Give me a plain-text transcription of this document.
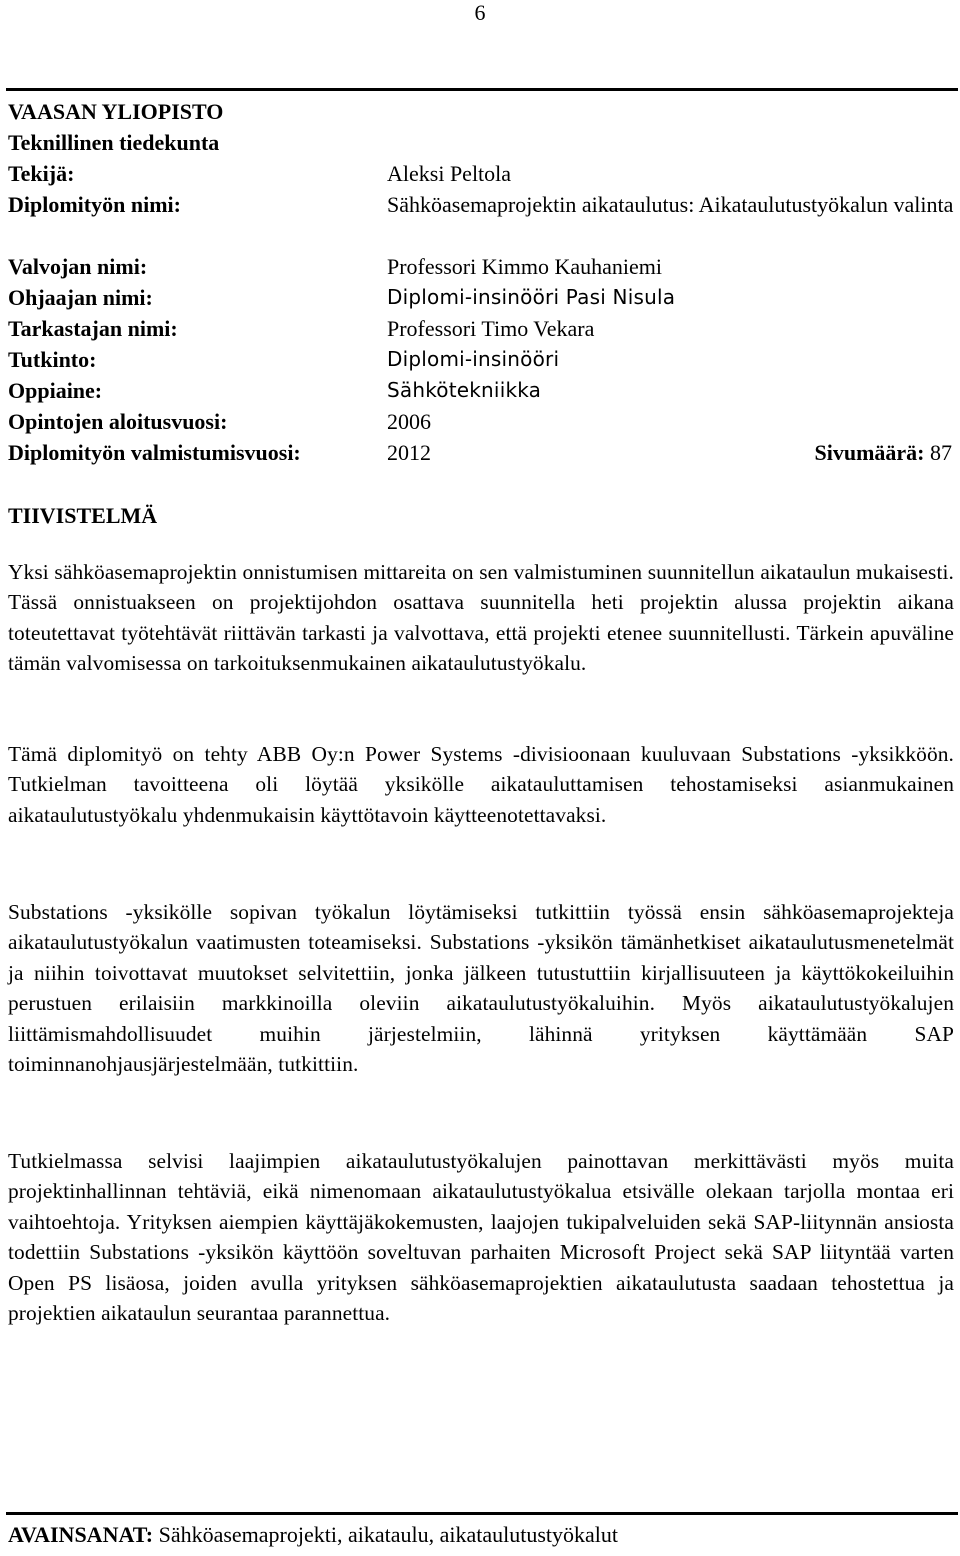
6
VAASAN YLIOPISTO
Teknillinen tiedekunta
Tekijä:	Aleksi Peltola
Diplomityön nimi:	Sähköasemaprojektin aikataulutus: Aikataulutustyökalun valinta
Valvojan nimi:	Professori Kimmo Kauhaniemi
Ohjaajan nimi:	Diplomi-insinööri Pasi Nisula
Tarkastajan nimi:	Professori Timo Vekara
Tutkinto:	Diplomi-insinööri
Oppiaine:	Sähkötekniikka
Opintojen aloitusvuosi:	2006
Diplomityön valmistumisvuosi:	2012	Sivumäärä: 87
TIIVISTELMÄ

Yksi sähköasemaprojektin onnistumisen mittareita on sen valmistuminen suunnitellun aikataulun mukaisesti. Tässä onnistuakseen on projektijohdon osattava suunnitella heti projektin alussa projektin aikana toteutettavat työtehtävät riittävän tarkasti ja valvottava, että projekti etenee suunnitellusti. Tärkein apuväline tämän valvomisessa on tarkoituksenmukainen aikataulutustyökalu.

Tämä diplomityö on tehty ABB Oy:n Power Systems -divisioonaan kuuluvaan Substations -yksikköön. Tutkielman tavoitteena oli löytää yksikölle aikatauluttamisen tehostamiseksi asianmukainen aikataulutustyökalu yhdenmukaisin käyttötavoin käytteenotettavaksi.

Substations -yksikölle sopivan työkalun löytämiseksi tutkittiin työssä ensin sähköasemaprojekteja aikataulutustyökalun vaatimusten toteamiseksi. Substations -yksikön tämänhetkiset aikataulutusmenetelmät ja niihin toivottavat muutokset selvitettiin, jonka jälkeen tutustuttiin kirjallisuuteen ja käyttökokeiluihin perustuen erilaisiin markkinoilla oleviin aikataulutustyökaluihin. Myös aikataulutustyökalujen liittämismahdollisuudet muihin järjestelmiin, lähinnä yrityksen käyttämään SAP toiminnanohjausjärjestelmään, tutkittiin.

Tutkielmassa selvisi laajimpien aikataulutustyökalujen painottavan merkittävästi myös muita projektinhallinnan tehtäviä, eikä nimenomaan aikataulutustyökalua etsivälle olekaan tarjolla montaa eri vaihtoehtoja. Yrityksen aiempien käyttäjäkokemusten, laajojen tukipalveluiden sekä SAP-liitynnän ansiosta todettiin Substations -yksikön käyttöön soveltuvan parhaiten Microsoft Project sekä SAP liityntää varten Open PS lisäosa, joiden avulla yrityksen sähköasemaprojektien aikataulutusta saadaan tehostettua ja projektien aikataulun seurantaa parannettua.

AVAINSANAT: Sähköasemaprojekti, aikataulu, aikataulutustyökalut
